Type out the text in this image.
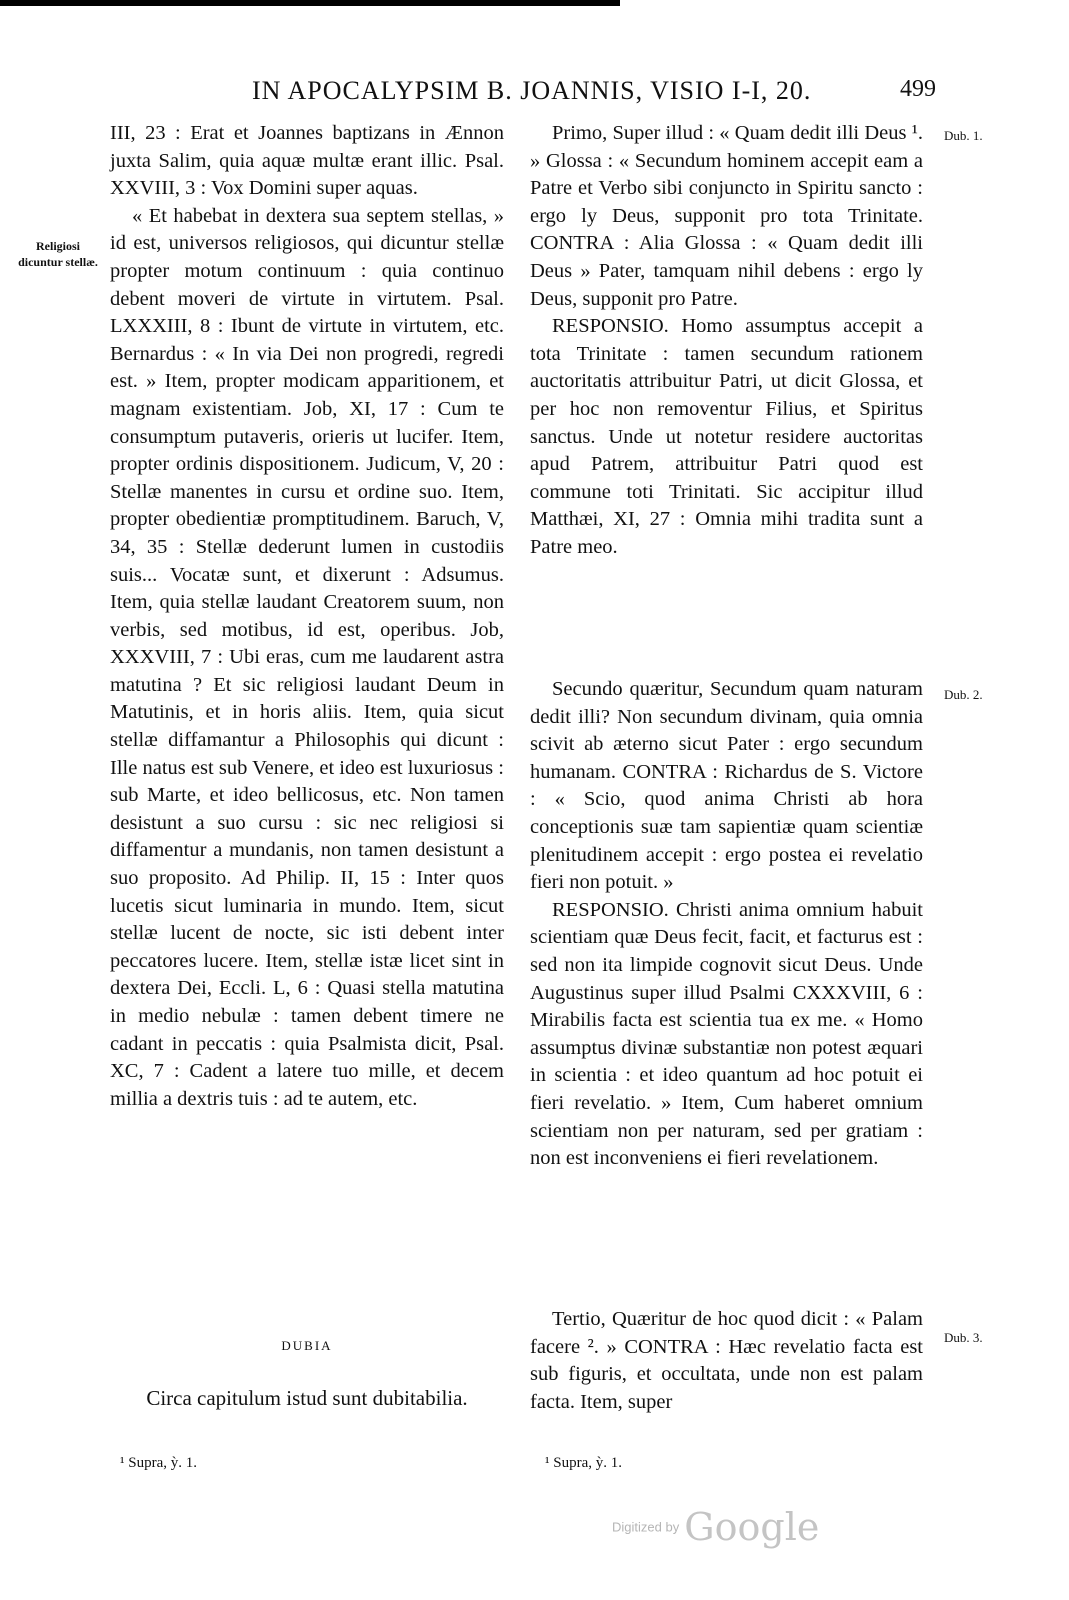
IN APOCALYPSIM B. JOANNIS, VISIO I-I, 20.	499
Religiosi dicuntur stellæ.
Dub. 1.
Dub. 2.
Dub. 3.

III, 23 : Erat et Joannes baptizans in Ænnon juxta Salim, quia aquæ multæ erant illic. Psal. XXVIII, 3 : Vox Domini super aquas.

« Et habebat in dextera sua septem stellas, » id est, universos religiosos, qui dicuntur stellæ propter motum continuum : quia continuo debent moveri de virtute in virtutem. Psal. LXXXIII, 8 : Ibunt de virtute in virtutem, etc. Bernardus : « In via Dei non progredi, regredi est. » Item, propter modicam apparitionem, et magnam existentiam. Job, XI, 17 : Cum te consumptum putaveris, orieris ut lucifer. Item, propter ordinis dispositionem. Judicum, V, 20 : Stellæ manentes in cursu et ordine suo. Item, propter obedientiæ promptitudinem. Baruch, V, 34, 35 : Stellæ dederunt lumen in custodiis suis... Vocatæ sunt, et dixerunt : Adsumus. Item, quia stellæ laudant Creatorem suum, non verbis, sed motibus, id est, operibus. Job, XXXVIII, 7 : Ubi eras, cum me laudarent astra matutina ? Et sic religiosi laudant Deum in Matutinis, et in horis aliis. Item, quia sicut stellæ diffamantur a Philosophis qui dicunt : Ille natus est sub Venere, et ideo est luxuriosus : sub Marte, et ideo bellicosus, etc. Non tamen desistunt a suo cursu : sic nec religiosi si diffamentur a mundanis, non tamen desistunt a suo proposito. Ad Philip. II, 15 : Inter quos lucetis sicut luminaria in mundo. Item, sicut stellæ lucent de nocte, sic isti debent inter peccatores lucere. Item, stellæ istæ licet sint in dextera Dei, Eccli. L, 6 : Quasi stella matutina in medio nebulæ : tamen debent timere ne cadant in peccatis : quia Psalmista dicit, Psal. XC, 7 : Cadent a latere tuo mille, et decem millia a dextris tuis : ad te autem, etc.

DUBIA
Circa capitulum istud sunt dubitabilia.

Primo, Super illud : « Quam dedit illi Deus ¹. » Glossa : « Secundum hominem accepit eam a Patre et Verbo sibi conjuncto in Spiritu sancto : ergo ly Deus, supponit pro tota Trinitate. CONTRA : Alia Glossa : « Quam dedit illi Deus » Pater, tamquam nihil debens : ergo ly Deus, supponit pro Patre.

RESPONSIO. Homo assumptus accepit a tota Trinitate : tamen secundum rationem auctoritatis attribuitur Patri, ut dicit Glossa, et per hoc non removentur Filius, et Spiritus sanctus. Unde ut notetur residere auctoritas apud Patrem, attribuitur Patri quod est commune toti Trinitati. Sic accipitur illud Matthæi, XI, 27 : Omnia mihi tradita sunt a Patre meo.

Secundo quæritur, Secundum quam naturam dedit illi? Non secundum divinam, quia omnia scivit ab æterno sicut Pater : ergo secundum humanam. CONTRA : Richardus de S. Victore : « Scio, quod anima Christi ab hora conceptionis suæ tam sapientiæ quam scientiæ plenitudinem accepit : ergo postea ei revelatio fieri non potuit. »

RESPONSIO. Christi anima omnium habuit scientiam quæ Deus fecit, facit, et facturus est : sed non ita limpide cognovit sicut Deus. Unde Augustinus super illud Psalmi CXXXVIII, 6 : Mirabilis facta est scientia tua ex me. « Homo assumptus divinæ substantiæ non potest æquari in scientia : et ideo quantum ad hoc potuit ei fieri revelatio. » Item, Cum haberet omnium scientiam non per naturam, sed per gratiam : non est inconveniens ei fieri revelationem.

Tertio, Quæritur de hoc quod dicit : « Palam facere ². » CONTRA : Hæc revelatio facta est sub figuris, et occultata, unde non est palam facta. Item, super

¹ Supra, ỳ. 1.	¹ Supra, ỳ. 1.
Digitized by Google
